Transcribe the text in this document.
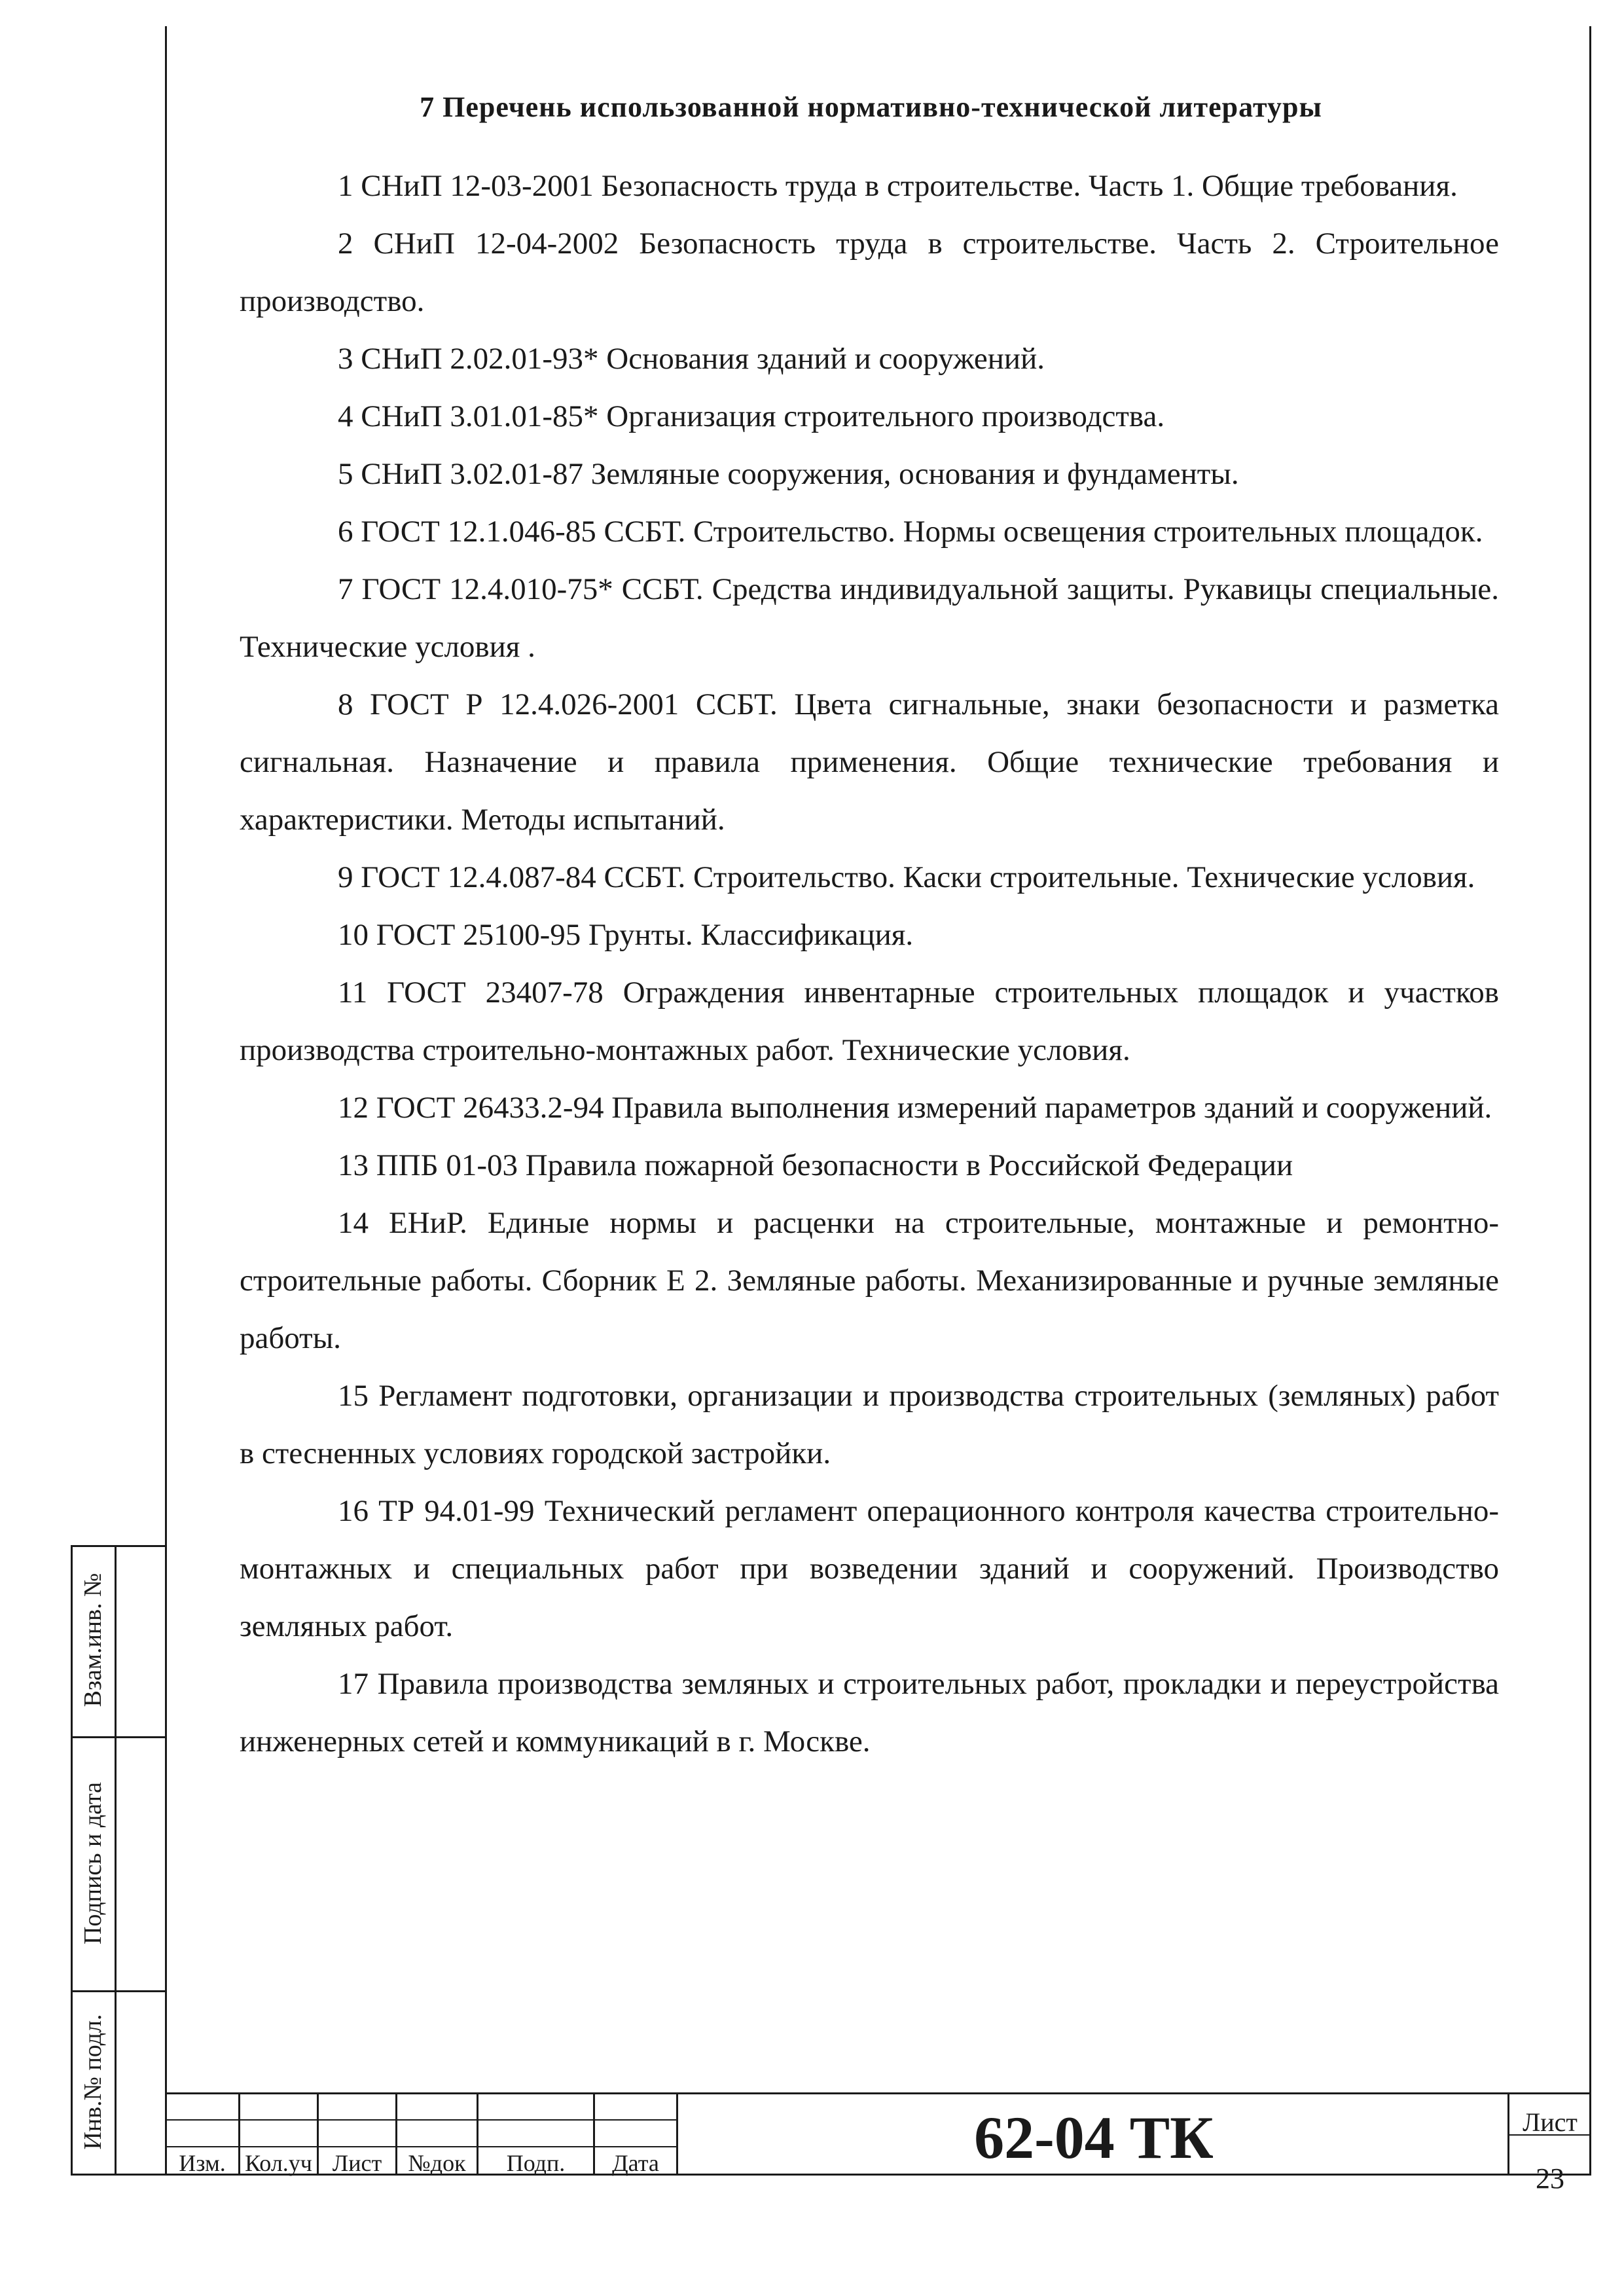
Взам.инв. №
Подпись и дата
Инв.№ подл.
7 Перечень использованной нормативно-технической литературы

1 СНиП 12-03-2001 Безопасность труда в строительстве. Часть 1. Общие требования.

2 СНиП 12-04-2002 Безопасность труда в строительстве. Часть 2. Строительное производство.

3 СНиП 2.02.01-93* Основания зданий и сооружений.

4 СНиП 3.01.01-85* Организация строительного производства.

5 СНиП 3.02.01-87 Земляные сооружения, основания и фундаменты.

6 ГОСТ 12.1.046-85 ССБТ. Строительство. Нормы освещения строительных площадок.

7 ГОСТ 12.4.010-75* ССБТ. Средства индивидуальной защиты. Рукавицы специальные. Технические условия .

8 ГОСТ Р 12.4.026-2001 ССБТ. Цвета сигнальные, знаки безопасности и разметка сигнальная. Назначение и правила применения. Общие технические требования и характеристики. Методы испытаний.

9 ГОСТ 12.4.087-84 ССБТ. Строительство. Каски строительные. Технические условия.

10 ГОСТ 25100-95 Грунты. Классификация.

11 ГОСТ 23407-78 Ограждения инвентарные строительных площадок и участков производства строительно-монтажных работ. Технические условия.

12 ГОСТ 26433.2-94 Правила выполнения измерений параметров зданий и сооружений.

13 ППБ 01-03 Правила пожарной безопасности в Российской Федерации

14 ЕНиР. Единые нормы и расценки на строительные, монтажные и ремонтно-строительные работы. Сборник Е 2. Земляные работы. Механизированные и ручные земляные работы.

15 Регламент подготовки, организации и производства строительных (земляных) работ в стесненных условиях городской застройки.

16 ТР 94.01-99 Технический регламент операционного контроля качества строительно-монтажных и специальных работ при возведении зданий и сооружений. Производство земляных работ.

17 Правила производства земляных и строительных работ, прокладки и переустройства инженерных сетей и коммуникаций в г. Москве.

Изм. Кол.уч Лист	№док	Подп.	Дата	62-04 ТК	Лист
23
